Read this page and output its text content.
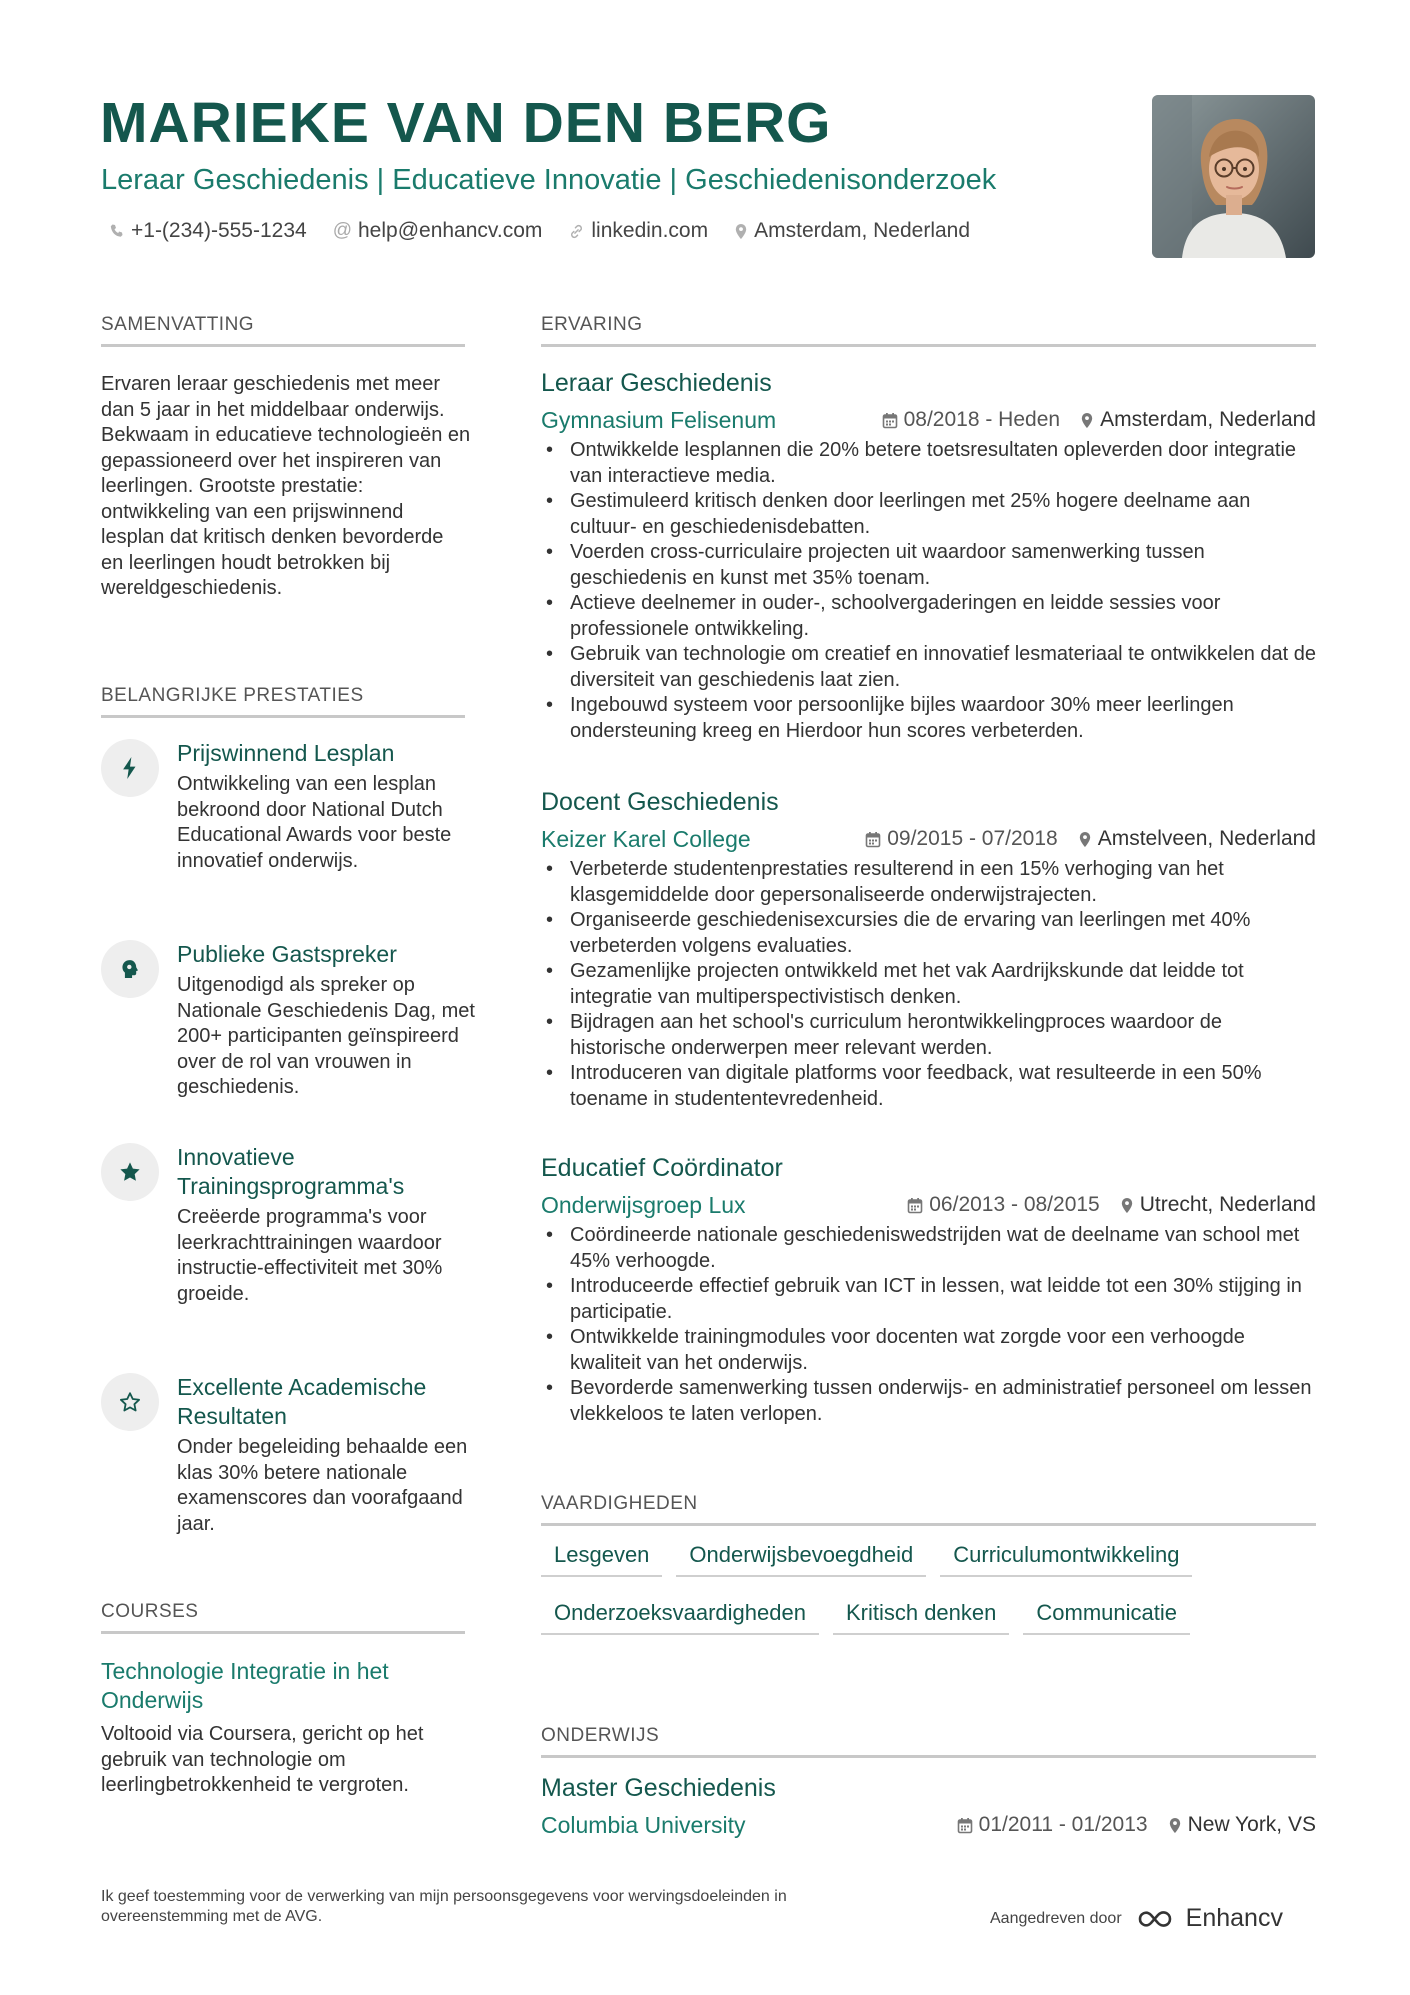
MARIEKE VAN DEN BERG
Leraar Geschiedenis | Educatieve Innovatie | Geschiedenisonderzoek
+1-(234)-555-1234 @ help@enhancv.com linkedin.com Amsterdam, Nederland
SAMENVATTING
Ervaren leraar geschiedenis met meer dan 5 jaar in het middelbaar onderwijs. Bekwaam in educatieve technologieën en gepassioneerd over het inspireren van leerlingen. Grootste prestatie: ontwikkeling van een prijswinnend lesplan dat kritisch denken bevorderde en leerlingen houdt betrokken bij wereldgeschiedenis.
BELANGRIJKE PRESTATIES
Prijswinnend Lesplan
Ontwikkeling van een lesplan bekroond door National Dutch Educational Awards voor beste innovatief onderwijs.
Publieke Gastspreker
Uitgenodigd als spreker op Nationale Geschiedenis Dag, met 200+ participanten geïnspireerd over de rol van vrouwen in geschiedenis.
Innovatieve Trainingsprogramma's
Creëerde programma's voor leerkrachttrainingen waardoor instructie-effectiviteit met 30% groeide.
Excellente Academische Resultaten
Onder begeleiding behaalde een klas 30% betere nationale examenscores dan voorafgaand jaar.
COURSES
Technologie Integratie in het Onderwijs
Voltooid via Coursera, gericht op het gebruik van technologie om leerlingbetrokkenheid te vergroten.
ERVARING
Leraar Geschiedenis
Gymnasium Felisenum	08/2018 - Heden Amsterdam, Nederland
• Ontwikkelde lesplannen die 20% betere toetsresultaten opleverden door integratie van interactieve media.
• Gestimuleerd kritisch denken door leerlingen met 25% hogere deelname aan cultuur- en geschiedenisdebatten.
• Voerden cross-curriculaire projecten uit waardoor samenwerking tussen geschiedenis en kunst met 35% toenam.
• Actieve deelnemer in ouder-, schoolvergaderingen en leidde sessies voor professionele ontwikkeling.
• Gebruik van technologie om creatief en innovatief lesmateriaal te ontwikkelen dat de diversiteit van geschiedenis laat zien.
• Ingebouwd systeem voor persoonlijke bijles waardoor 30% meer leerlingen ondersteuning kreeg en Hierdoor hun scores verbeterden.
Docent Geschiedenis
Keizer Karel College	09/2015 - 07/2018 Amstelveen, Nederland
• Verbeterde studentenprestaties resulterend in een 15% verhoging van het klasgemiddelde door gepersonaliseerde onderwijstrajecten.
• Organiseerde geschiedenisexcursies die de ervaring van leerlingen met 40% verbeterden volgens evaluaties.
• Gezamenlijke projecten ontwikkeld met het vak Aardrijkskunde dat leidde tot integratie van multiperspectivistisch denken.
• Bijdragen aan het school's curriculum herontwikkelingproces waardoor de historische onderwerpen meer relevant werden.
• Introduceren van digitale platforms voor feedback, wat resulteerde in een 50% toename in studententevredenheid.
Educatief Coördinator
Onderwijsgroep Lux	06/2013 - 08/2015 Utrecht, Nederland
• Coördineerde nationale geschiedeniswedstrijden wat de deelname van school met 45% verhoogde.
• Introduceerde effectief gebruik van ICT in lessen, wat leidde tot een 30% stijging in participatie.
• Ontwikkelde trainingmodules voor docenten wat zorgde voor een verhoogde kwaliteit van het onderwijs.
• Bevorderde samenwerking tussen onderwijs- en administratief personeel om lessen vlekkeloos te laten verlopen.
VAARDIGHEDEN
Lesgeven	Onderwijsbevoegdheid	Curriculumontwikkeling
Onderzoeksvaardigheden	Kritisch denken	Communicatie
ONDERWIJS
Master Geschiedenis
Columbia University	01/2011 - 01/2013 New York, VS
Ik geef toestemming voor de verwerking van mijn persoonsgegevens voor wervingsdoeleinden in overeenstemming met de AVG.	Aangedreven door	Enhancv
